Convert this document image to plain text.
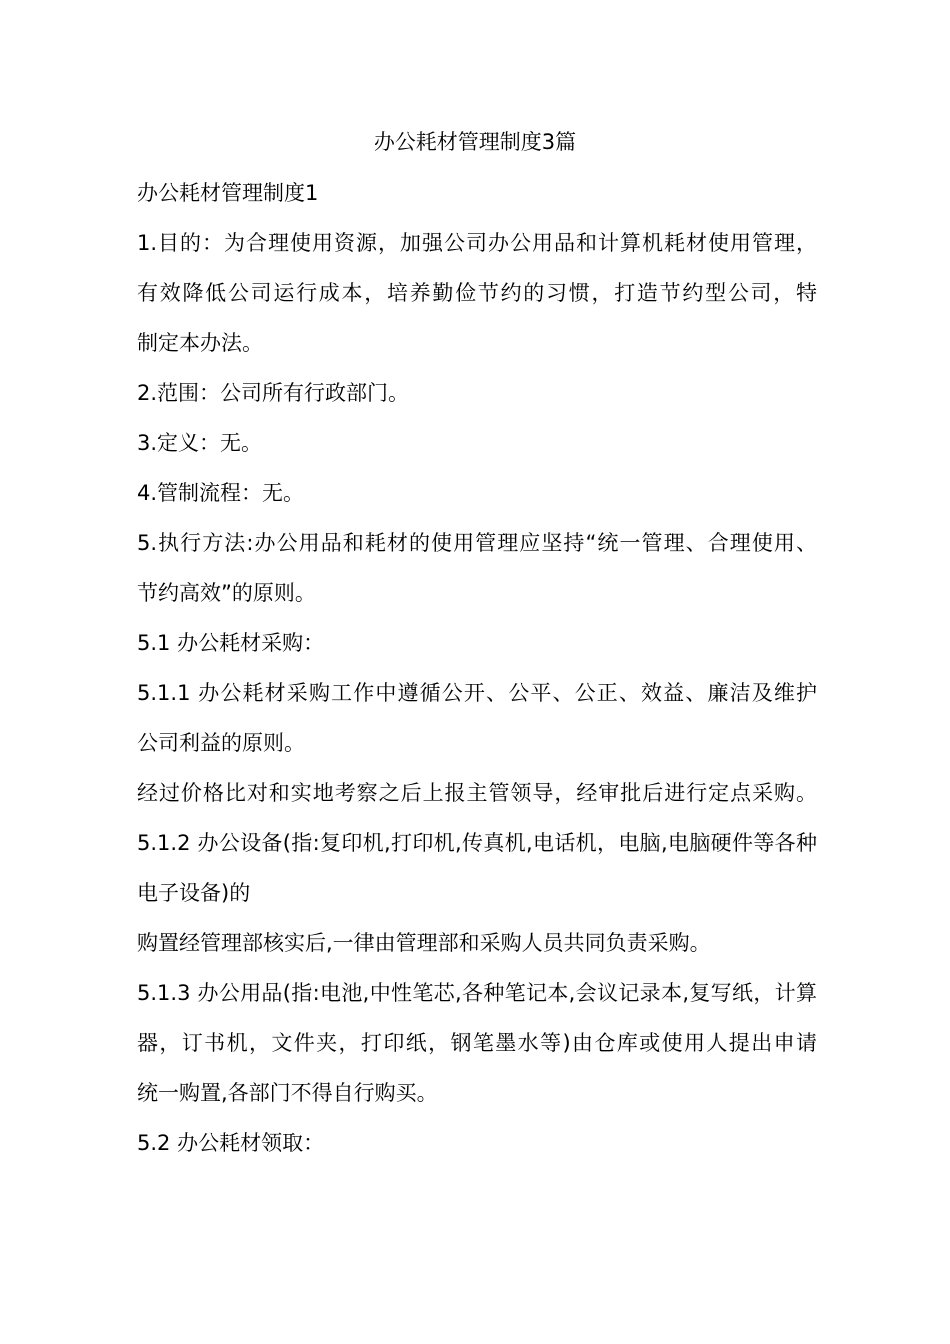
办公耗材管理制度3篇
办公耗材管理制度1
1.目的：为合理使用资源，加强公司办公用品和计算机耗材使用管理，
有效降低公司运行成本，培养勤俭节约的习惯，打造节约型公司，特
制定本办法。
2.范围：公司所有行政部门。
3.定义：无。
4.管制流程：无。
5.执行方法:办公用品和耗材的使用管理应坚持“统一管理、合理使用、
节约高效”的原则。
5.1 办公耗材采购：
5.1.1 办公耗材采购工作中遵循公开、公平、公正、效益、廉洁及维护
公司利益的原则。
经过价格比对和实地考察之后上报主管领导，经审批后进行定点采购。
5.1.2 办公设备(指:复印机,打印机,传真机,电话机，电脑,电脑硬件等各种
电子设备)的
购置经管理部核实后,一律由管理部和采购人员共同负责采购。
5.1.3 办公用品(指:电池,中性笔芯,各种笔记本,会议记录本,复写纸，计算
器，订书机，文件夹，打印纸，钢笔墨水等)由仓库或使用人提出申请
统一购置,各部门不得自行购买。
5.2 办公耗材领取：
